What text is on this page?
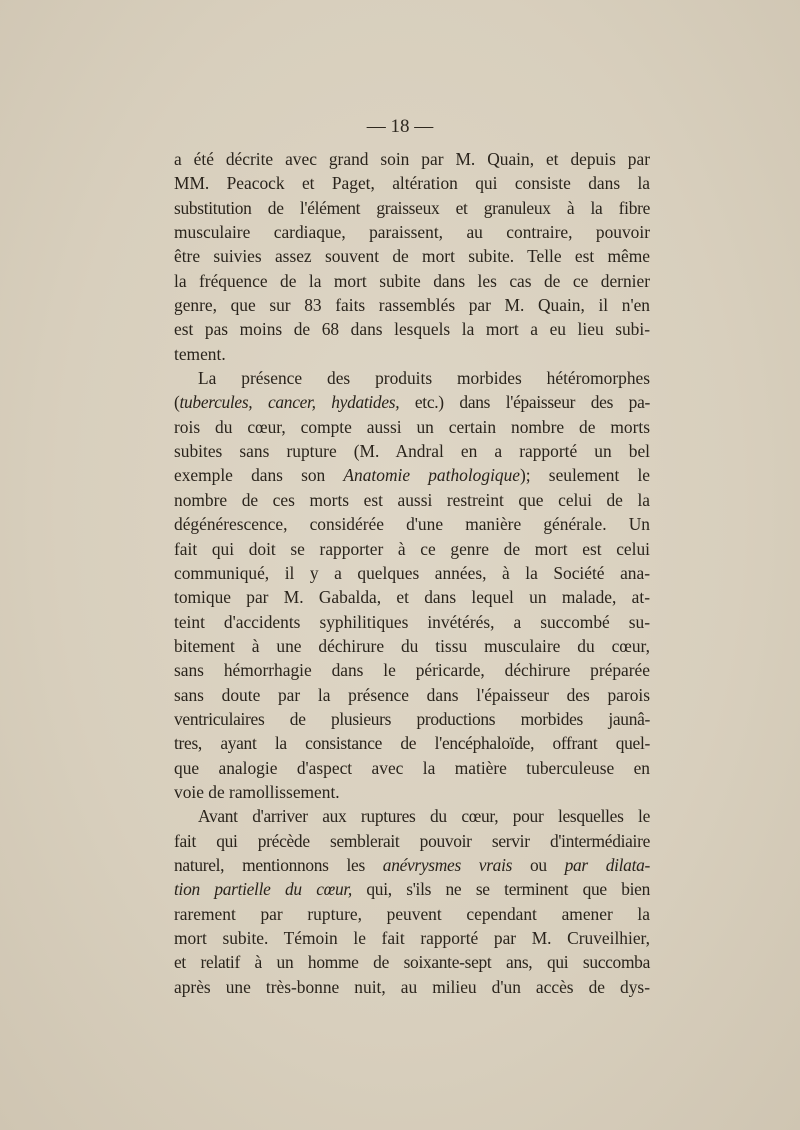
— 18 —

a été décrite avec grand soin par M. Quain, et depuis par
MM. Peacock et Paget, altération qui consiste dans la
substitution de l'élément graisseux et granuleux à la fibre
musculaire cardiaque, paraissent, au contraire, pouvoir
être suivies assez souvent de mort subite. Telle est même
la fréquence de la mort subite dans les cas de ce dernier
genre, que sur 83 faits rassemblés par M. Quain, il n'en
est pas moins de 68 dans lesquels la mort a eu lieu subi-
tement.
La présence des produits morbides hétéromorphes
(tubercules, cancer, hydatides, etc.) dans l'épaisseur des pa-
rois du cœur, compte aussi un certain nombre de morts
subites sans rupture (M. Andral en a rapporté un bel
exemple dans son Anatomie pathologique); seulement le
nombre de ces morts est aussi restreint que celui de la
dégénérescence, considérée d'une manière générale. Un
fait qui doit se rapporter à ce genre de mort est celui
communiqué, il y a quelques années, à la Société ana-
tomique par M. Gabalda, et dans lequel un malade, at-
teint d'accidents syphilitiques invétérés, a succombé su-
bitement à une déchirure du tissu musculaire du cœur,
sans hémorrhagie dans le péricarde, déchirure préparée
sans doute par la présence dans l'épaisseur des parois
ventriculaires de plusieurs productions morbides jaunâ-
tres, ayant la consistance de l'encéphaloïde, offrant quel-
que analogie d'aspect avec la matière tuberculeuse en
voie de ramollissement.
Avant d'arriver aux ruptures du cœur, pour lesquelles le
fait qui précède semblerait pouvoir servir d'intermédiaire
naturel, mentionnons les anévrysmes vrais ou par dilata-
tion partielle du cœur, qui, s'ils ne se terminent que bien
rarement par rupture, peuvent cependant amener la
mort subite. Témoin le fait rapporté par M. Cruveilhier,
et relatif à un homme de soixante-sept ans, qui succomba
après une très-bonne nuit, au milieu d'un accès de dys-
